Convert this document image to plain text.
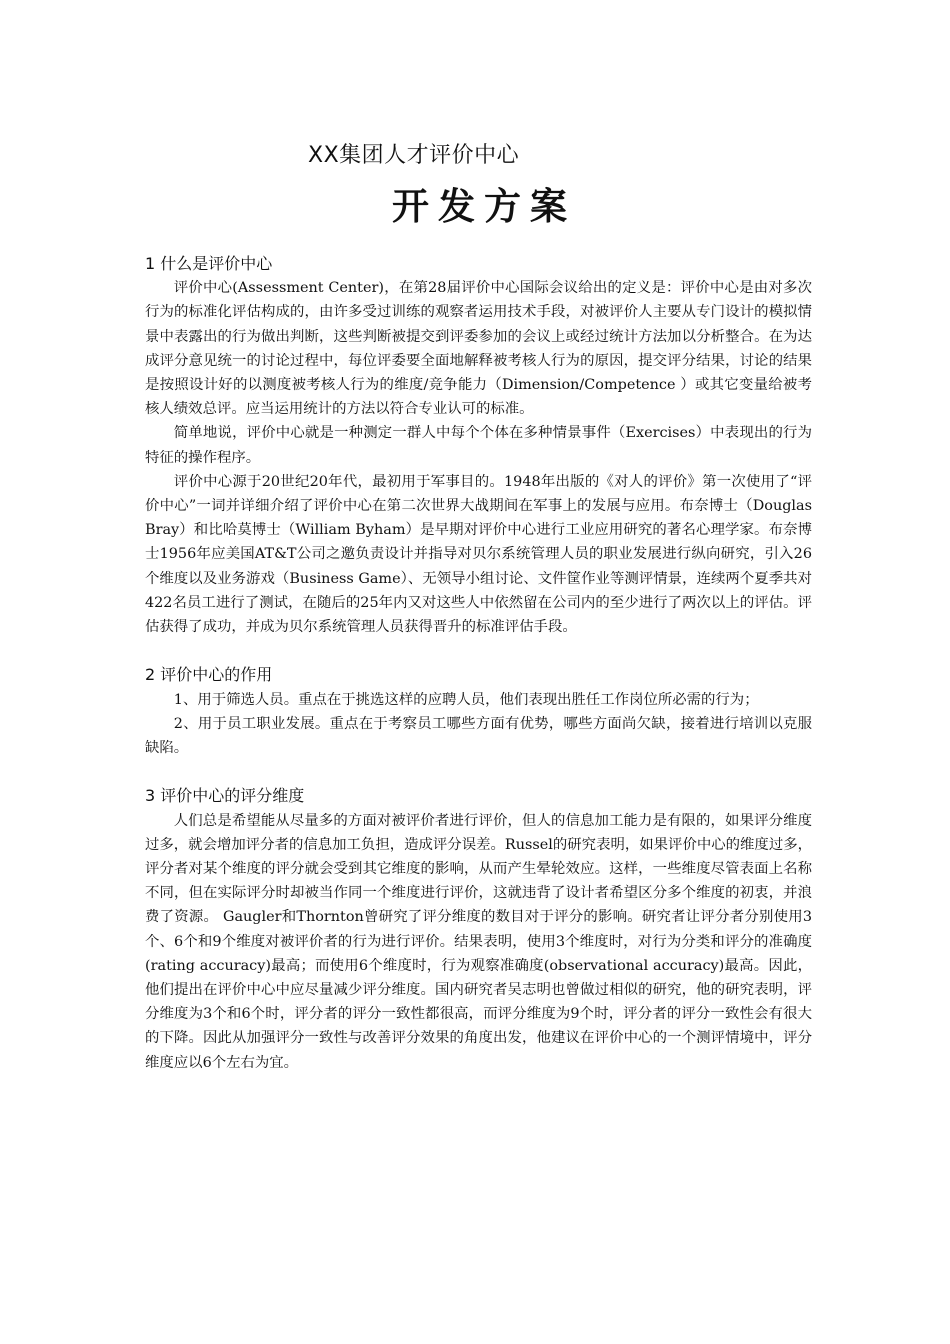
XX集团人才评价中心
开发方案
1 什么是评价中心

评价中心(Assessment Center)，在第28届评价中心国际会议给出的定义是：评价中心是由对多次行为的标准化评估构成的，由许多受过训练的观察者运用技术手段，对被评价人主要从专门设计的模拟情景中表露出的行为做出判断，这些判断被提交到评委参加的会议上或经过统计方法加以分析整合。在为达成评分意见统一的讨论过程中，每位评委要全面地解释被考核人行为的原因，提交评分结果，讨论的结果是按照设计好的以测度被考核人行为的维度/竞争能力（Dimension/Competence ）或其它变量给被考核人绩效总评。应当运用统计的方法以符合专业认可的标准。

简单地说，评价中心就是一种测定一群人中每个个体在多种情景事件（Exercises）中表现出的行为特征的操作程序。

评价中心源于20世纪20年代，最初用于军事目的。1948年出版的《对人的评价》第一次使用了“评价中心”一词并详细介绍了评价中心在第二次世界大战期间在军事上的发展与应用。布奈博士（Douglas Bray）和比哈莫博士（William Byham）是早期对评价中心进行工业应用研究的著名心理学家。布奈博士1956年应美国AT&T公司之邀负责设计并指导对贝尔系统管理人员的职业发展进行纵向研究，引入26个维度以及业务游戏（Business Game）、无领导小组讨论、文件筐作业等测评情景，连续两个夏季共对422名员工进行了测试，在随后的25年内又对这些人中依然留在公司内的至少进行了两次以上的评估。评估获得了成功，并成为贝尔系统管理人员获得晋升的标准评估手段。

2 评价中心的作用

1、用于筛选人员。重点在于挑选这样的应聘人员，他们表现出胜任工作岗位所必需的行为；

2、用于员工职业发展。重点在于考察员工哪些方面有优势，哪些方面尚欠缺，接着进行培训以克服缺陷。

3 评价中心的评分维度

人们总是希望能从尽量多的方面对被评价者进行评价，但人的信息加工能力是有限的，如果评分维度过多，就会增加评分者的信息加工负担，造成评分误差。Russel的研究表明，如果评价中心的维度过多，评分者对某个维度的评分就会受到其它维度的影响，从而产生晕轮效应。这样，一些维度尽管表面上名称不同，但在实际评分时却被当作同一个维度进行评价，这就违背了设计者希望区分多个维度的初衷，并浪费了资源。 Gaugler和Thornton曾研究了评分维度的数目对于评分的影响。研究者让评分者分别使用3个、6个和9个维度对被评价者的行为进行评价。结果表明，使用3个维度时，对行为分类和评分的准确度(rating accuracy)最高；而使用6个维度时，行为观察准确度(observational accuracy)最高。因此，他们提出在评价中心中应尽量减少评分维度。国内研究者吴志明也曾做过相似的研究，他的研究表明，评分维度为3个和6个时，评分者的评分一致性都很高，而评分维度为9个时，评分者的评分一致性会有很大的下降。因此从加强评分一致性与改善评分效果的角度出发，他建议在评价中心的一个测评情境中，评分维度应以6个左右为宜。
